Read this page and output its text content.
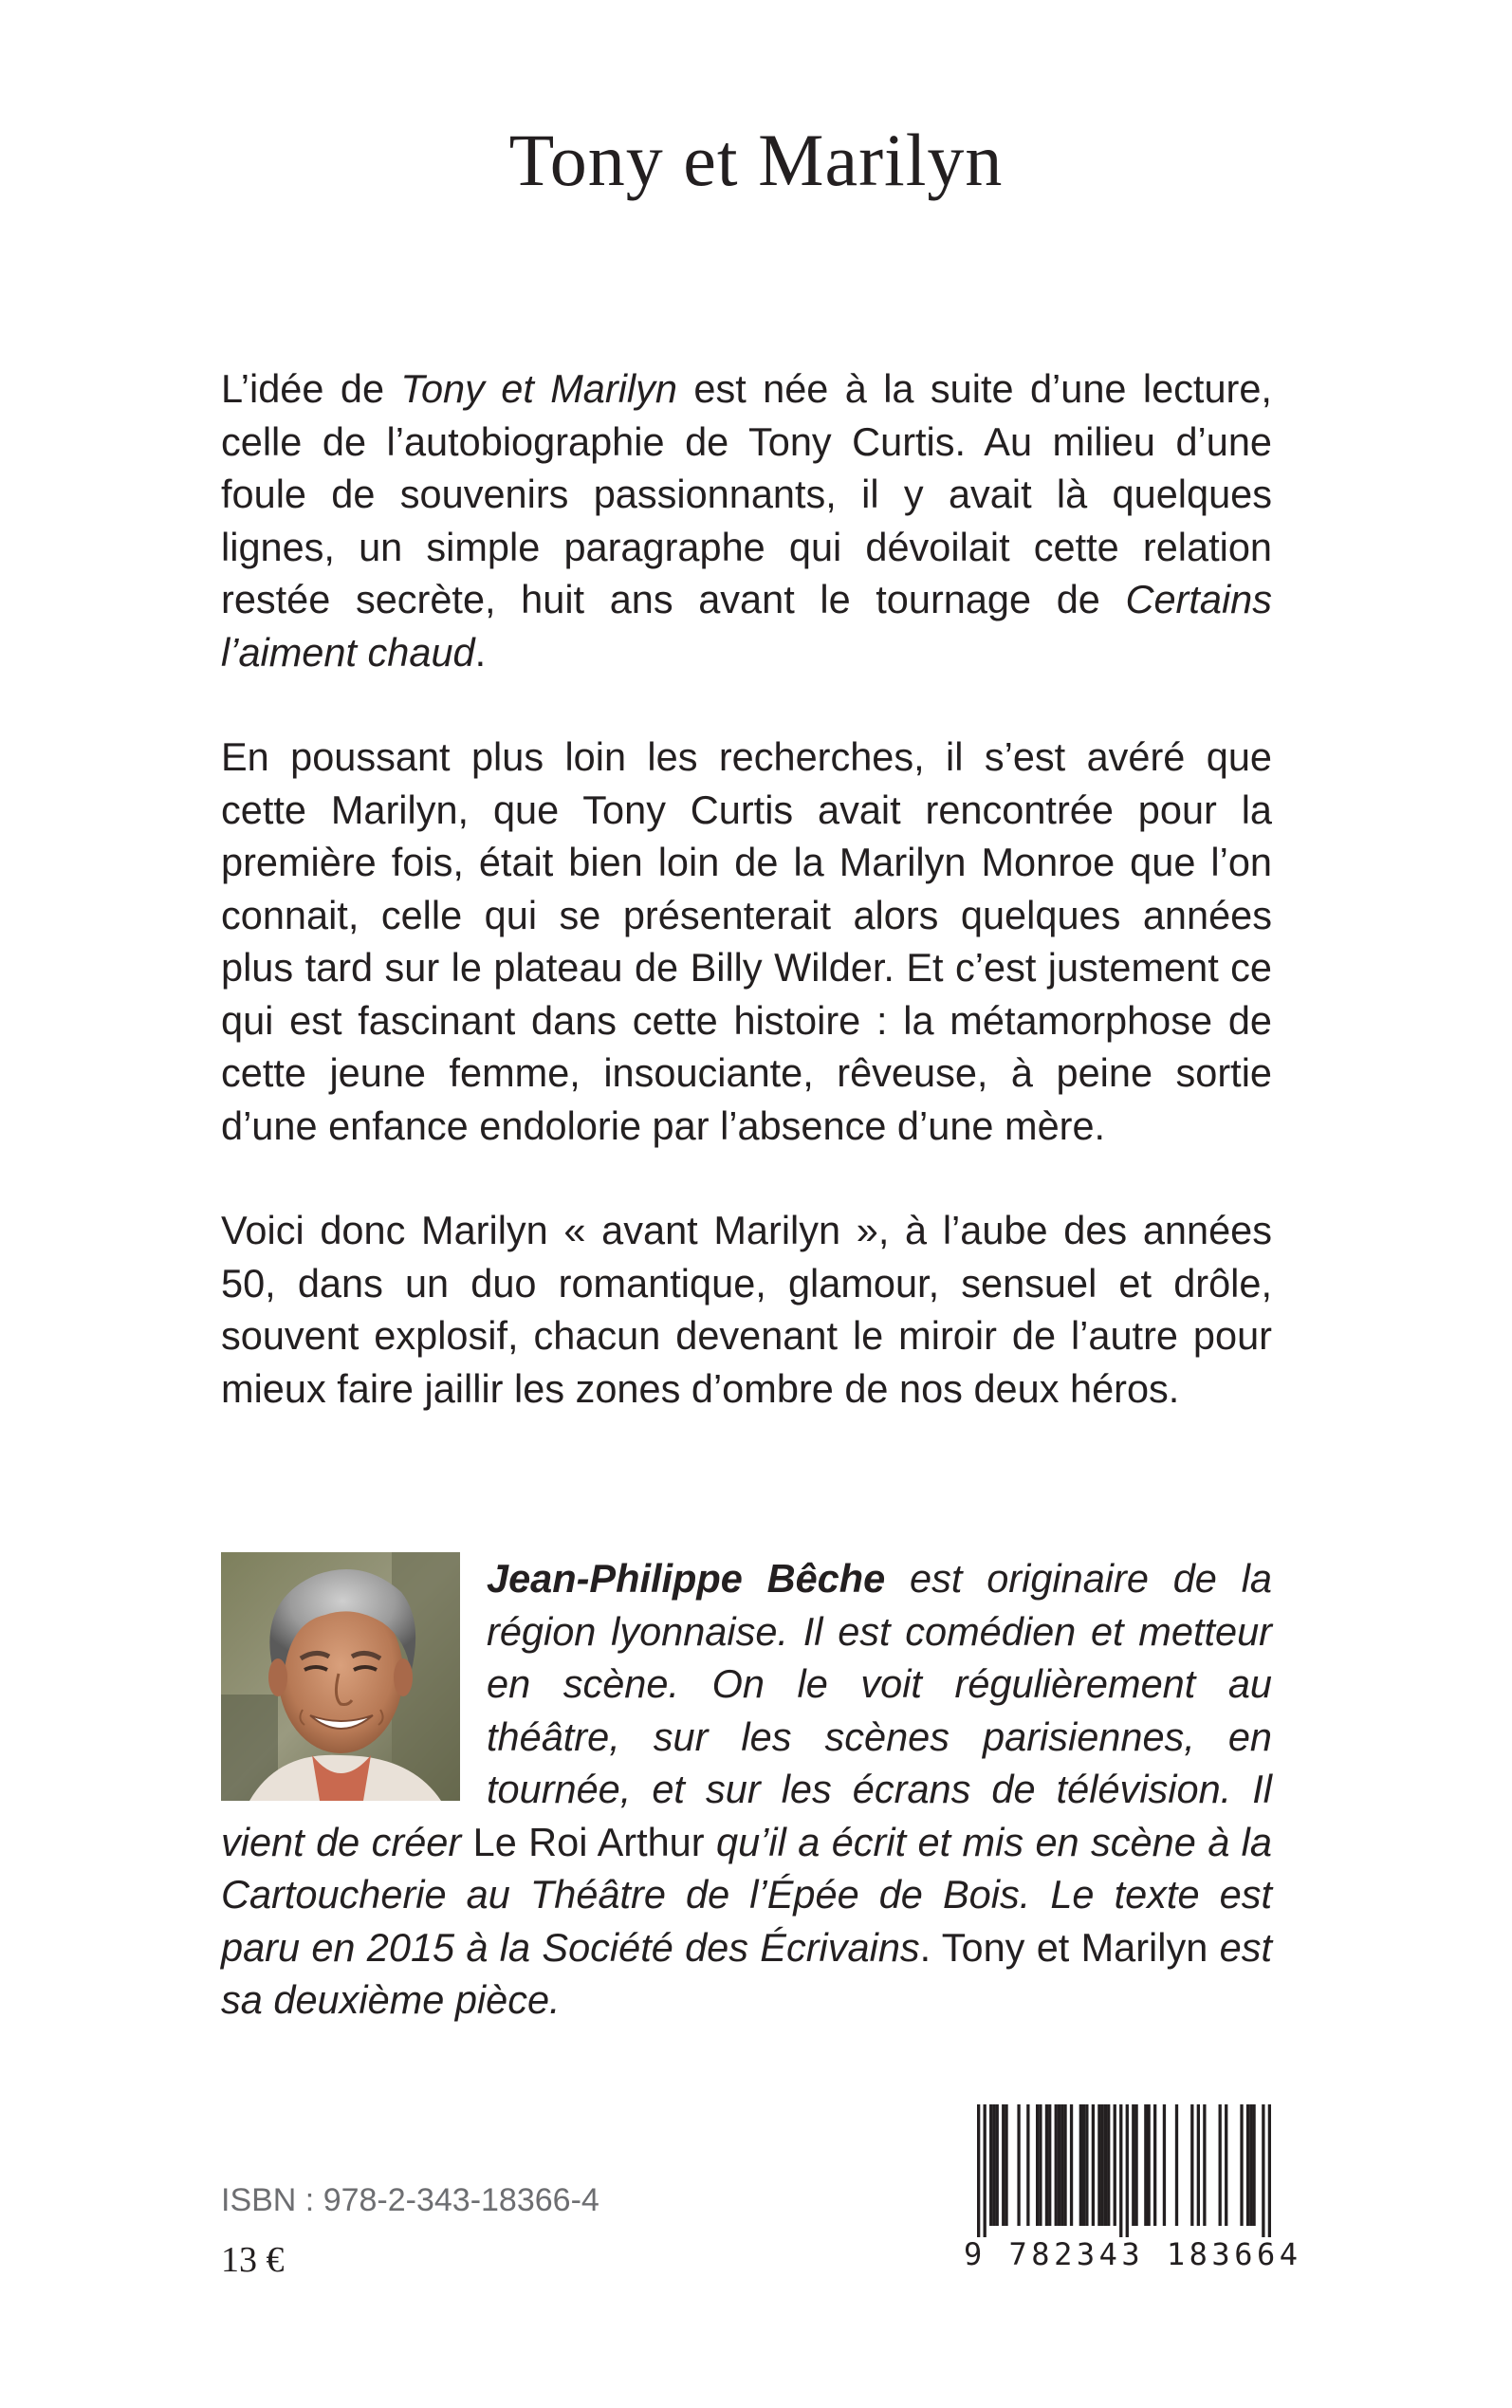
Tony et Marilyn

L’idée de Tony et Marilyn est née à la suite d’une lecture, celle de l’autobiographie de Tony Curtis. Au milieu d’une foule de souvenirs passionnants, il y avait là quelques lignes, un simple paragraphe qui dévoilait cette relation restée secrète, huit ans avant le tournage de Certains l’aiment chaud.

En poussant plus loin les recherches, il s’est avéré que cette Marilyn, que Tony Curtis avait rencontrée pour la première fois, était bien loin de la Marilyn Monroe que l’on connait, celle qui se présenterait alors quelques années plus tard sur le plateau de Billy Wilder. Et c’est justement ce qui est fascinant dans cette histoire : la métamorphose de cette jeune femme, insouciante, rêveuse, à peine sortie d’une enfance endolorie par l’absence d’une mère.

Voici donc Marilyn « avant Marilyn », à l’aube des années 50, dans un duo romantique, glamour, sensuel et drôle, souvent explosif, chacun devenant le miroir de l’autre pour mieux faire jaillir les zones d’ombre de nos deux héros.

Jean-Philippe Bêche est originaire de la région lyonnaise. Il est comédien et metteur en scène. On le voit régulièrement au théâtre, sur les scènes parisiennes, en tournée, et sur les écrans de télévision. Il vient de créer Le Roi Arthur qu’il a écrit et mis en scène à la Cartoucherie au Théâtre de l’Épée de Bois. Le texte est paru en 2015 à la Société des Écrivains. Tony et Marilyn est sa deuxième pièce.

ISBN : 978-2-343-18366-4

13 €	9 782343 183664
